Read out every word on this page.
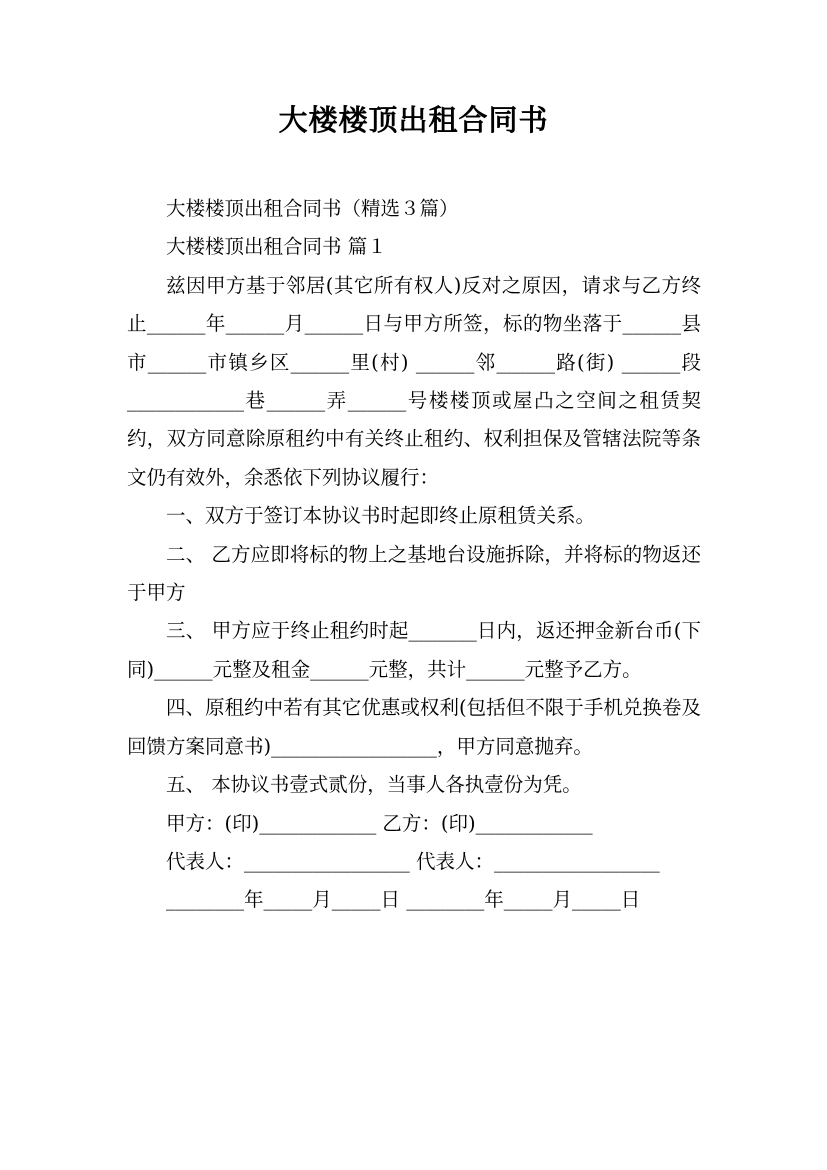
大楼楼顶出租合同书

大楼楼顶出租合同书（精选３篇）

大楼楼顶出租合同书 篇１

兹因甲方基于邻居(其它所有权人)反对之原因，请求与乙方终止______年______月______日与甲方所签，标的物坐落于______县市______市镇乡区______里(村) ______邻______路(街) ______段____________巷______弄______号楼楼顶或屋凸之空间之租赁契约，双方同意除原租约中有关终止租约、权利担保及管辖法院等条文仍有效外，余悉依下列协议履行：

一、双方于签订本协议书时起即终止原租赁关系。

二、 乙方应即将标的物上之基地台设施拆除，并将标的物返还于甲方

三、 甲方应于终止租约时起_______日内，返还押金新台币(下同)______元整及租金______元整，共计______元整予乙方。

四、原租约中若有其它优惠或权利(包括但不限于手机兑换卷及回馈方案同意书)_________________，甲方同意抛弃。

五、 本协议书壹式贰份，当事人各执壹份为凭。

甲方：(印)____________ 乙方：(印)____________
代表人：_________________ 代表人：_________________
________年_____月_____日 ________年_____月_____日
